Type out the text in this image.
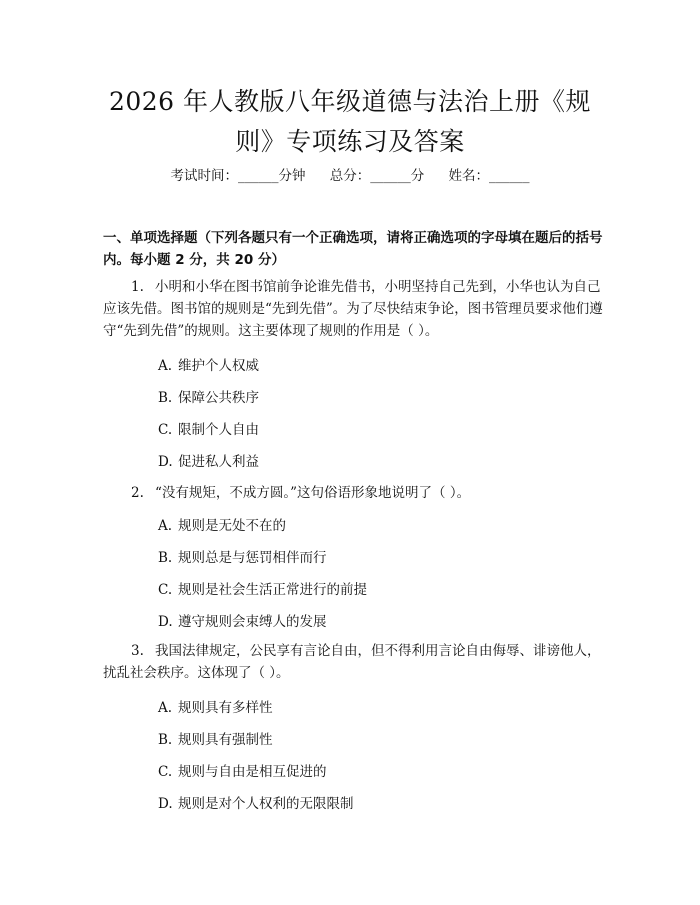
2026 年人教版八年级道德与法治上册《规则》专项练习及答案
考试时间：______分钟 总分：______分 姓名：______
一、单项选择题（下列各题只有一个正确选项，请将正确选项的字母填在题后的括号内。每小题 2 分，共 20 分）
1. 小明和小华在图书馆前争论谁先借书，小明坚持自己先到，小华也认为自己应该先借。图书馆的规则是“先到先借”。为了尽快结束争论，图书管理员要求他们遵守“先到先借”的规则。这主要体现了规则的作用是（ ）。
A. 维护个人权威
B. 保障公共秩序
C. 限制个人自由
D. 促进私人利益
2. “没有规矩，不成方圆。”这句俗语形象地说明了（ ）。
A. 规则是无处不在的
B. 规则总是与惩罚相伴而行
C. 规则是社会生活正常进行的前提
D. 遵守规则会束缚人的发展
3. 我国法律规定，公民享有言论自由，但不得利用言论自由侮辱、诽谤他人，扰乱社会秩序。这体现了（ ）。
A. 规则具有多样性
B. 规则具有强制性
C. 规则与自由是相互促进的
D. 规则是对个人权利的无限限制
